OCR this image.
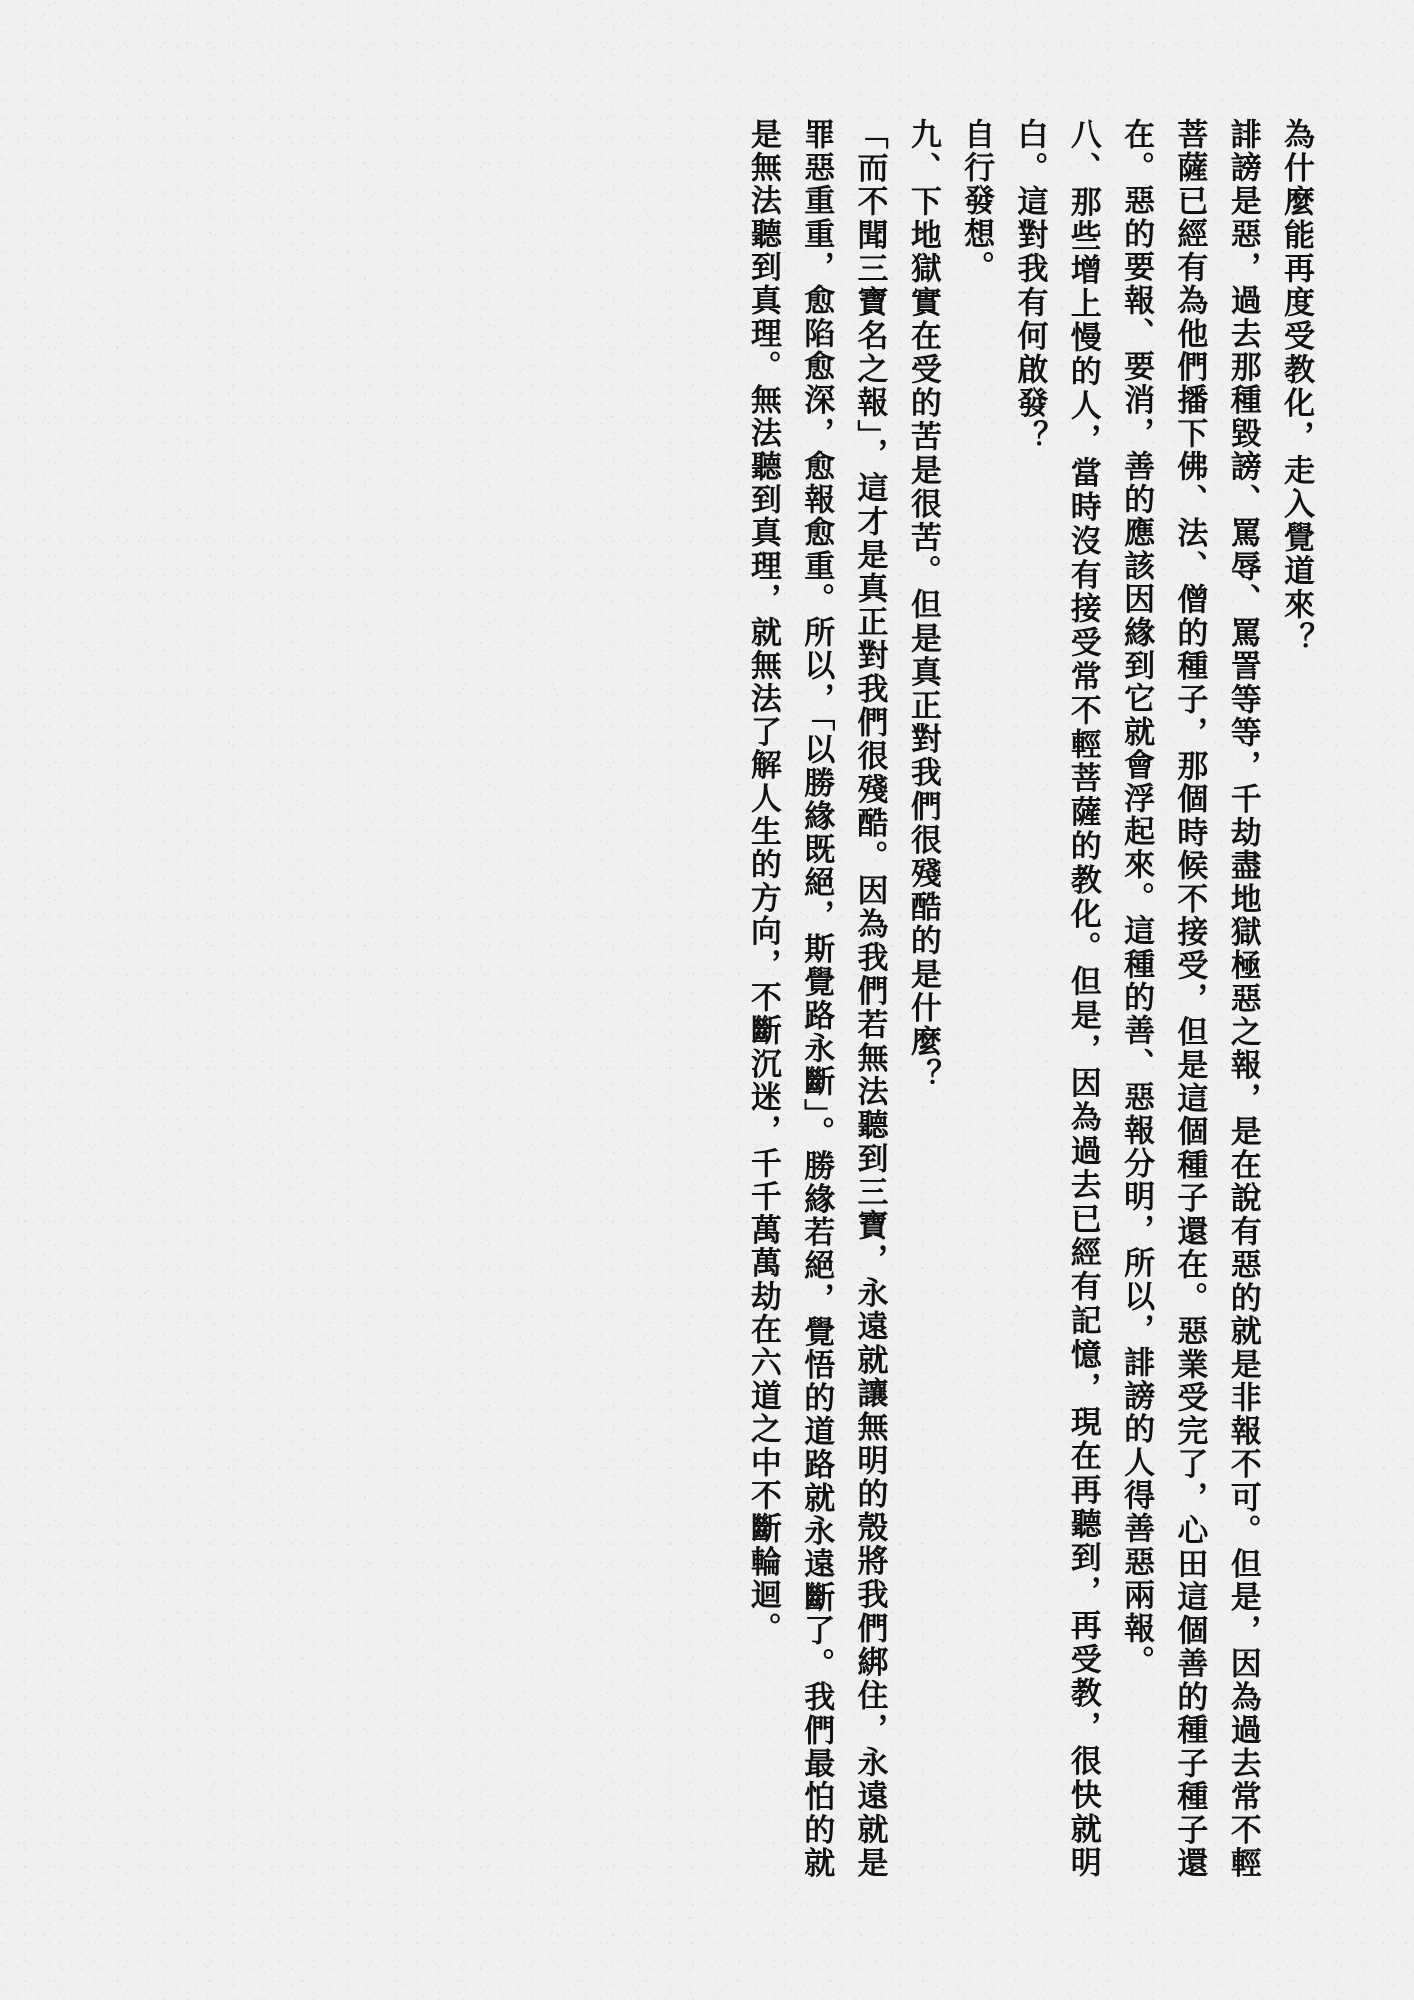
為什麼能再度受教化，走入覺道來？

誹謗是惡，過去那種毀謗、罵辱、罵詈等等，千劫盡地獄極惡之報，是在說有惡的就是非報不可。但是，因為過去常不輕菩薩已經有為他們播下佛、法、僧的種子，那個時候不接受，但是這個種子還在。惡業受完了，心田這個善的種子種子還在。惡的要報、要消，善的應該因緣到它就會浮起來。這種的善、惡報分明，所以，誹謗的人得善惡兩報。

八、那些增上慢的人，當時沒有接受常不輕菩薩的教化。但是，因為過去已經有記憶，現在再聽到，再受教，很快就明白。這對我有何啟發？

自行發想。

九、下地獄實在受的苦是很苦。但是真正對我們很殘酷的是什麼？

「而不聞三寶名之報」，這才是真正對我們很殘酷。因為我們若無法聽到三寶，永遠就讓無明的殼將我們綁住，永遠就是罪惡重重，愈陷愈深，愈報愈重。所以，「以勝緣既絕，斯覺路永斷」。勝緣若絕，覺悟的道路就永遠斷了。我們最怕的就是無法聽到真理。無法聽到真理，就無法了解人生的方向，不斷沉迷，千千萬萬劫在六道之中不斷輪迴。
